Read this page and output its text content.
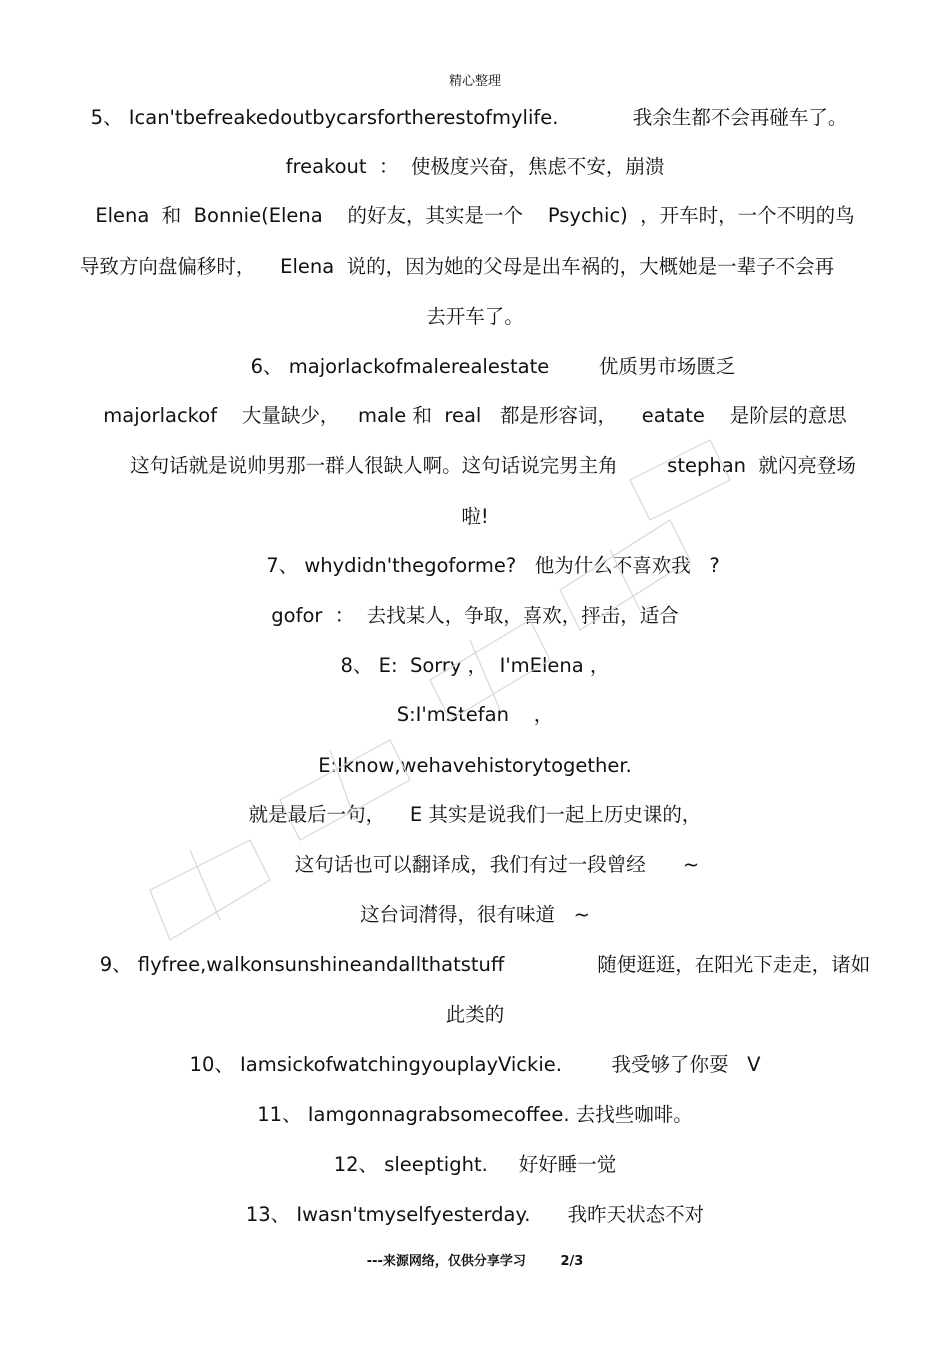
精心整理
5、 Ican'tbefreakedoutbycarsfortherestofmylife.            我余生都不会再碰车了。
freakout  ：  使极度兴奋，焦虑不安，崩溃
Elena  和  Bonnie(Elena    的好友，其实是一个    Psychic)  ，开车时，一个不明的鸟
导致方向盘偏移时，    Elena  说的，因为她的父母是出车祸的，大概她是一辈子不会再
去开车了。
6、 majorlackofmalerealestate        优质男市场匮乏
majorlackof    大量缺少，   male 和  real   都是形容词，    eatate    是阶层的意思
这句话就是说帅男那一群人很缺人啊。这句话说完男主角        stephan  就闪亮登场
啦!
7、 whydidn'thegoforme?   他为什么不喜欢我   ?
gofor  ：  去找某人，争取，喜欢，抨击，适合
8、 E:  Sorry ，  I'mElena ，
S:I'mStefan    ，
E:Iknow,wehavehistorytogether.
就是最后一句，    E 其实是说我们一起上历史课的，
这句话也可以翻译成，我们有过一段曾经      ~
这台词潸得，很有味道   ~
9、 flyfree,walkonsunshineandallthatstuff               随便逛逛，在阳光下走走，诸如
此类的
10、 IamsickofwatchingyouplayVickie.        我受够了你耍   V
11、 Iamgonnagrabsomecoffee. 去找些咖啡。
12、 sleeptight.     好好睡一觉
13、 Iwasn'tmyselfyesterday.      我昨天状态不对
---来源网络，仅供分享学习	2/3
